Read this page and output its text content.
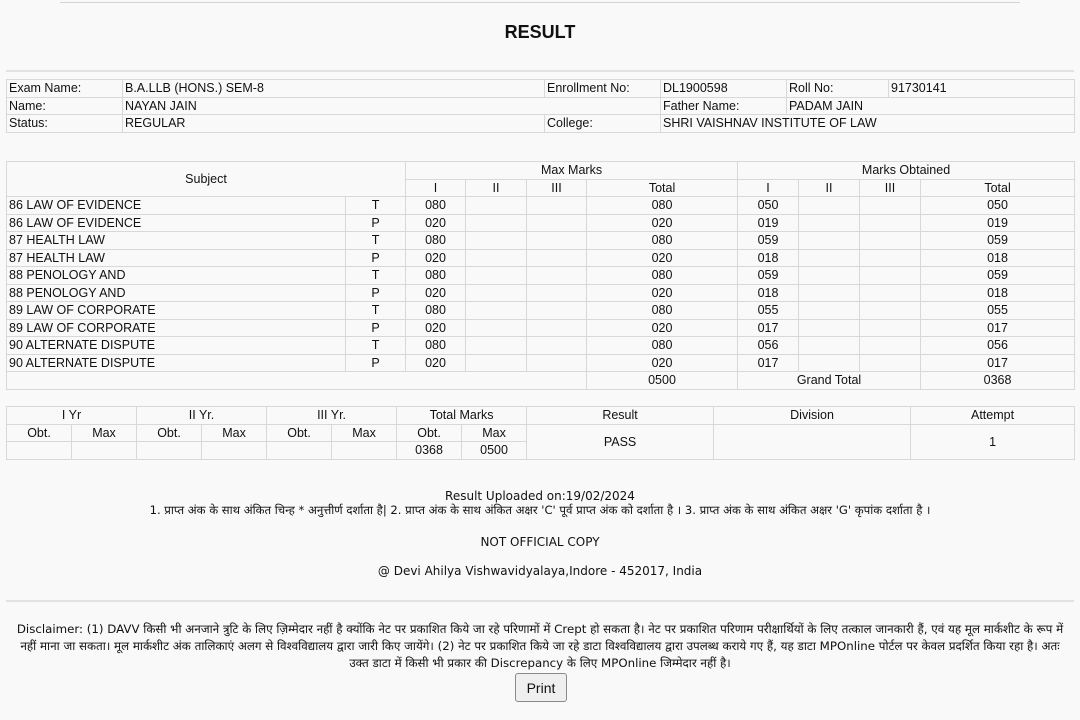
RESULT
Exam Name:	B.A.LLB (HONS.) SEM-8	Enrollment No:	DL1900598	Roll No:	91730141
Name:	NAYAN JAIN		Father Name:	PADAM JAIN	
Status:	REGULAR	College:	SHRI VAISHNAV INSTITUTE OF LAW		
Subject		Max Marks				Marks Obtained			
		I	II	III	Total	I	II	III	Total
86 LAW OF EVIDENCE	T	080			080	050			050
86 LAW OF EVIDENCE	P	020			020	019			019
87 HEALTH LAW	T	080			080	059			059
87 HEALTH LAW	P	020			020	018			018
88 PENOLOGY AND	T	080			080	059			059
88 PENOLOGY AND	P	020			020	018			018
89 LAW OF CORPORATE	T	080			080	055			055
89 LAW OF CORPORATE	P	020			020	017			017
90 ALTERNATE DISPUTE	T	080			080	056			056
90 ALTERNATE DISPUTE	P	020			020	017			017
					0500	Grand Total			0368
I Yr		II Yr.		III Yr.		Total Marks		Result	Division	Attempt
Obt.	Max	Obt.	Max	Obt.	Max	Obt.	Max	PASS		1
						0368	0500			
Result Uploaded on:19/02/2024
1. प्राप्त अंक के साथ अंकित चिन्ह * अनुत्तीर्ण दर्शाता है| 2. प्राप्त अंक के साथ अंकित अक्षर 'C' पूर्व प्राप्त अंक को दर्शाता है । 3. प्राप्त अंक के साथ अंकित अक्षर 'G' कृपांक दर्शाता है ।
NOT OFFICIAL COPY
@ Devi Ahilya Vishwavidyalaya,Indore - 452017, India
Disclaimer: (1) DAVV किसी भी अनजाने त्रुटि के लिए ज़िम्मेदार नहीं है क्योंकि नेट पर प्रकाशित किये जा रहे परिणामों में Crept हो सकता है। नेट पर प्रकाशित परिणाम परीक्षार्थियों के लिए तत्काल जानकारी हैं, एवं यह मूल मार्कशीट के रूप में नहीं माना जा सकता। मूल मार्कशीट अंक तालिकाएं अलग से विश्वविद्यालय द्वारा जारी किए जायेंगे। (2) नेट पर प्रकाशित किये जा रहे डाटा विश्वविद्यालय द्वारा उपलब्ध कराये गए हैं, यह डाटा MPOnline पोर्टल पर केवल प्रदर्शित किया रहा है। अतः उक्त डाटा में किसी भी प्रकार की Discrepancy के लिए MPOnline जिम्मेदार नहीं है।
Print
